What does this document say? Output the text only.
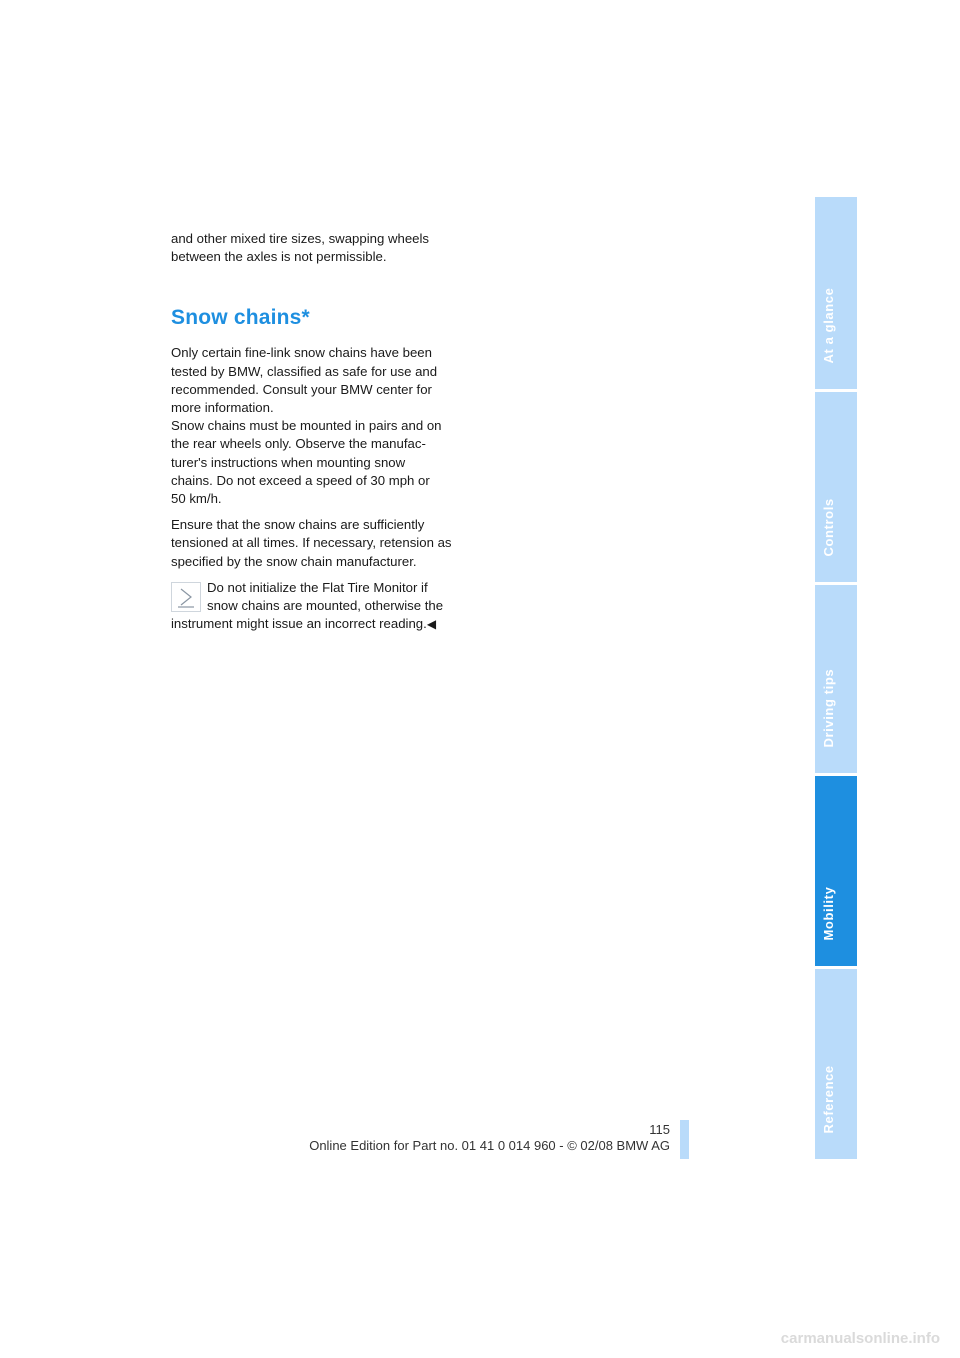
and other mixed tire sizes, swapping wheels
between the axles is not permissible.

Snow chains*

Only certain fine-link snow chains have been
tested by BMW, classified as safe for use and
recommended. Consult your BMW center for
more information.
Snow chains must be mounted in pairs and on
the rear wheels only. Observe the manufac-
turer's instructions when mounting snow
chains. Do not exceed a speed of 30 mph or
50 km/h.

Ensure that the snow chains are sufficiently
tensioned at all times. If necessary, retension as
specified by the snow chain manufacturer.

Do not initialize the Flat Tire Monitor if
snow chains are mounted, otherwise the
instrument might issue an incorrect reading.◀

At a glance
Controls
Driving tips
Mobility
Reference
115
Online Edition for Part no. 01 41 0 014 960 - © 02/08 BMW AG
carmanualsonline.info
